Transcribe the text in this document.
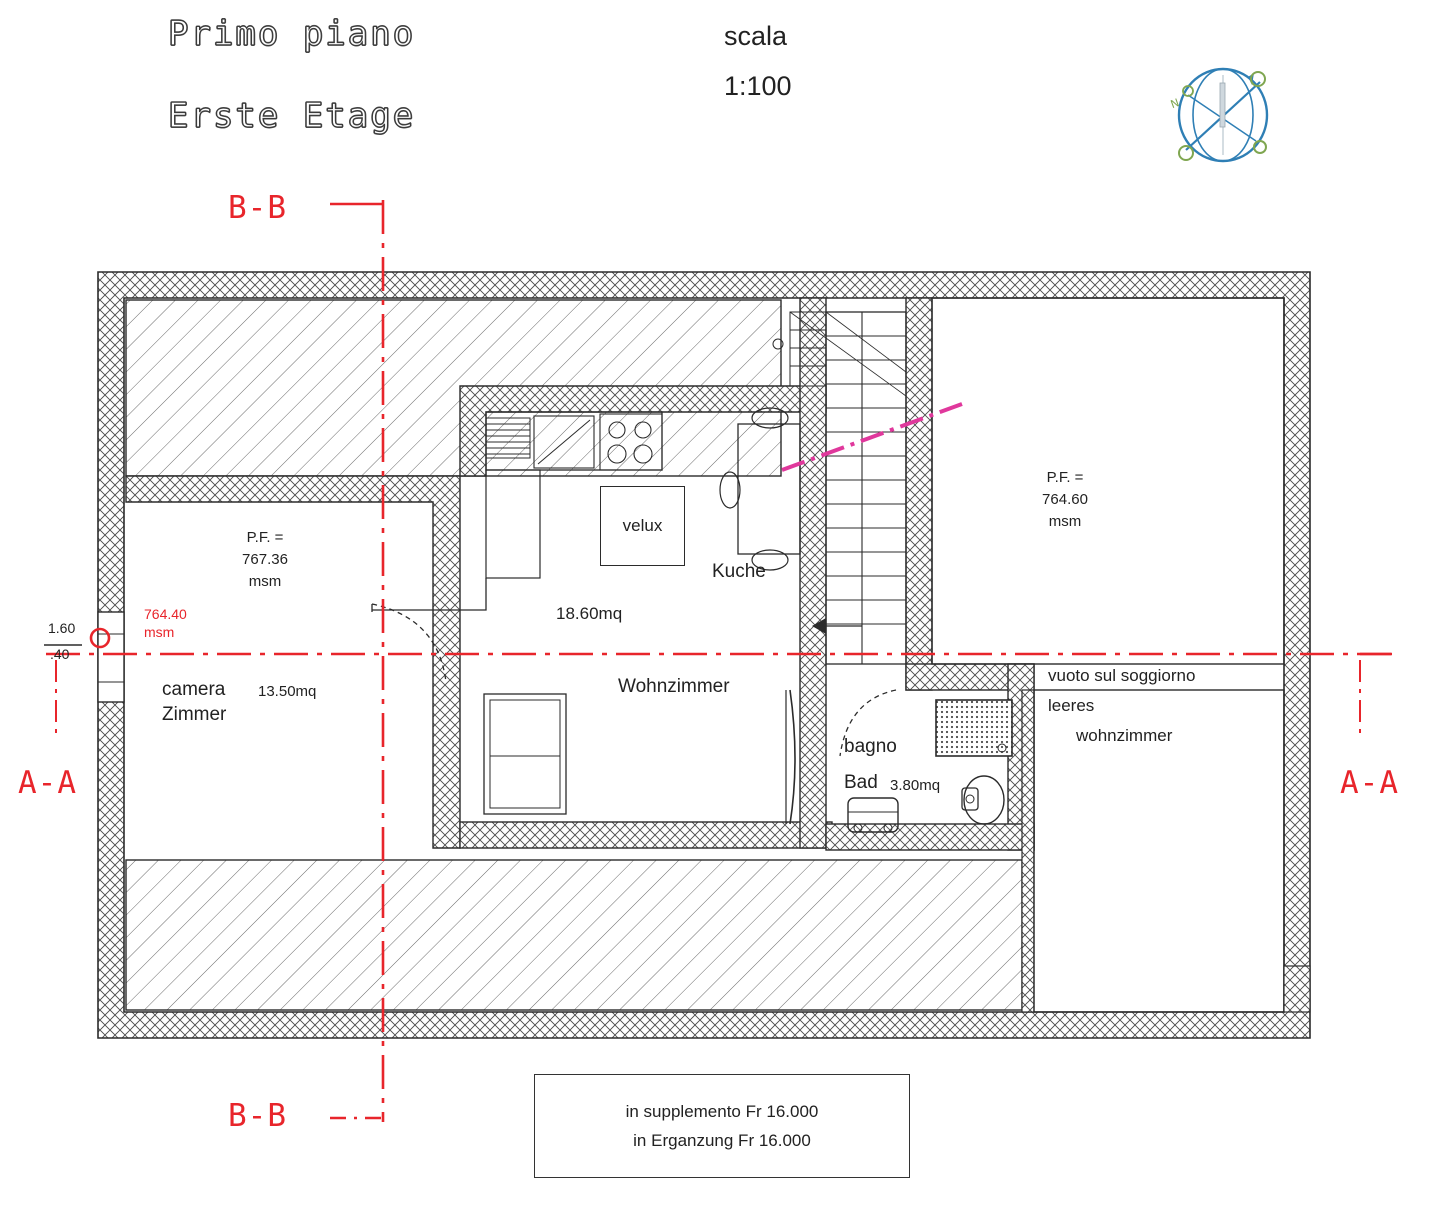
Primo piano
Erste Etage
scala
1:100
N
B-B
B-B
A-A	A-A
velux
P.F. =
767.36
msm
P.F. =
764.60
msm
764.40
msm
1.60
.40
Kuche
18.60mq
Wohnzimmer
camera 13.50mq
Zimmer
bagno
Bad 3.80mq
vuoto sul soggiorno
leeres
wohnzimmer
in supplemento Fr 16.000
in Erganzung Fr 16.000
